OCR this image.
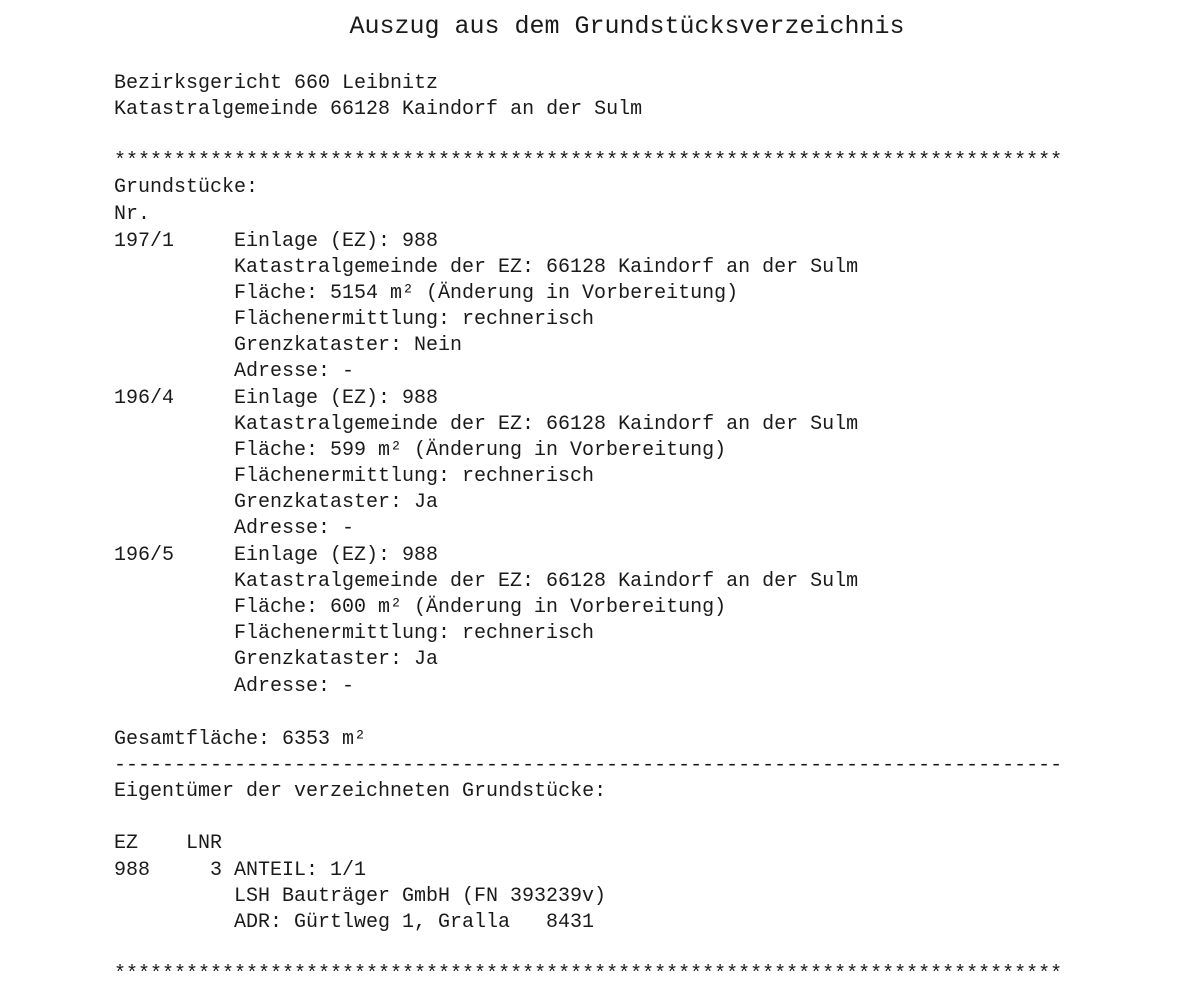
Auszug aus dem Grundstücksverzeichnis
Bezirksgericht 660 Leibnitz
Katastralgemeinde 66128 Kaindorf an der Sulm
*******************************************************************************
Grundstücke:
Nr.
197/1	Einlage (EZ): 988
Katastralgemeinde der EZ: 66128 Kaindorf an der Sulm
Fläche: 5154 m² (Änderung in Vorbereitung)
Flächenermittlung: rechnerisch
Grenzkataster: Nein
Adresse: -
196/4	Einlage (EZ): 988
Katastralgemeinde der EZ: 66128 Kaindorf an der Sulm
Fläche: 599 m² (Änderung in Vorbereitung)
Flächenermittlung: rechnerisch
Grenzkataster: Ja
Adresse: -
196/5	Einlage (EZ): 988
Katastralgemeinde der EZ: 66128 Kaindorf an der Sulm
Fläche: 600 m² (Änderung in Vorbereitung)
Flächenermittlung: rechnerisch
Grenzkataster: Ja
Adresse: -
Gesamtfläche: 6353 m²
-------------------------------------------------------------------------------
Eigentümer der verzeichneten Grundstücke:
EZ LNR
988	3 ANTEIL: 1/1
LSH Bauträger GmbH (FN 393239v)
ADR: Gürtlweg 1, Gralla   8431
*******************************************************************************
